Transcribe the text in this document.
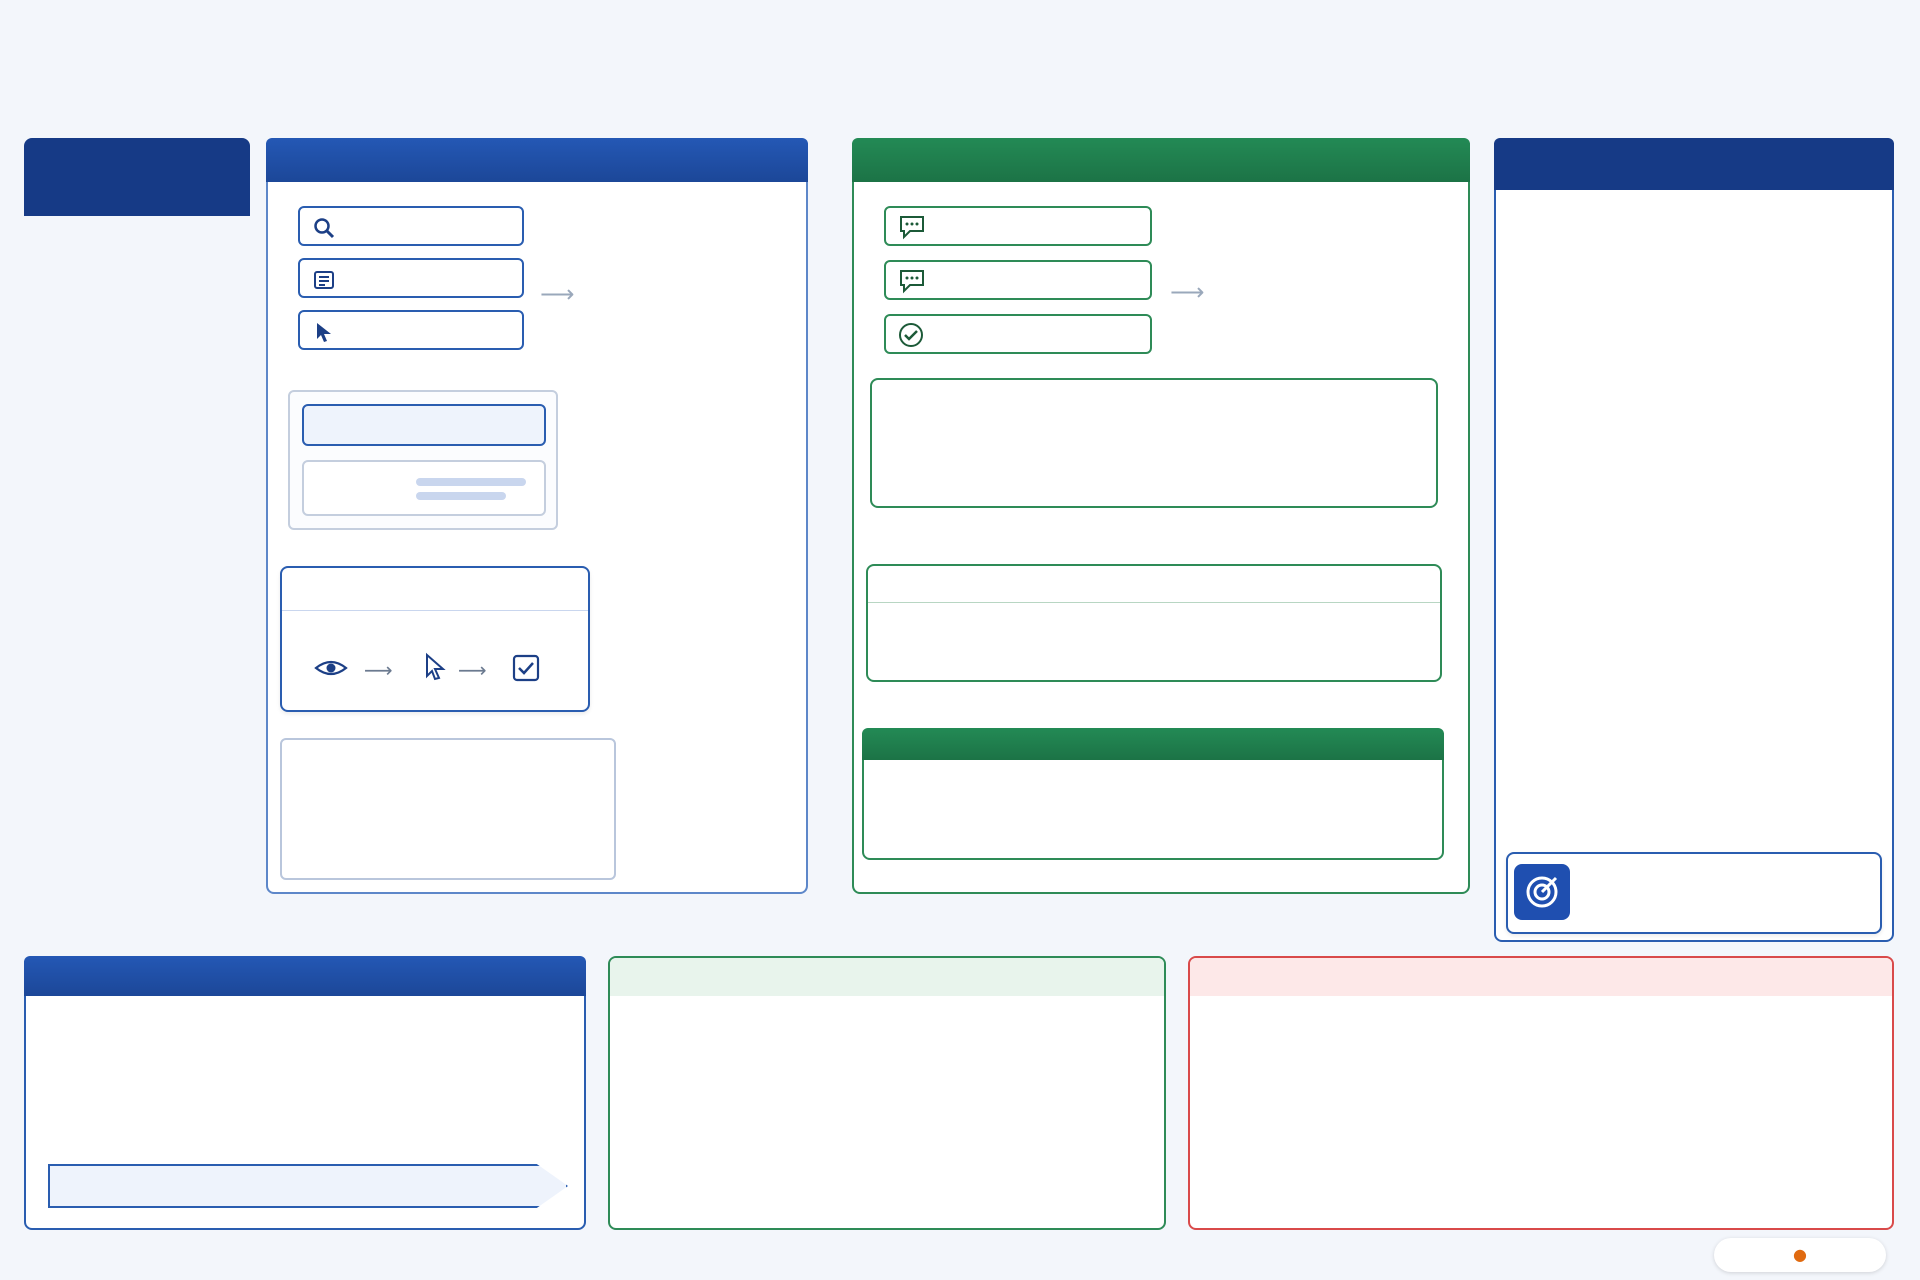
⟶
⟶	⟶
⟶
●
